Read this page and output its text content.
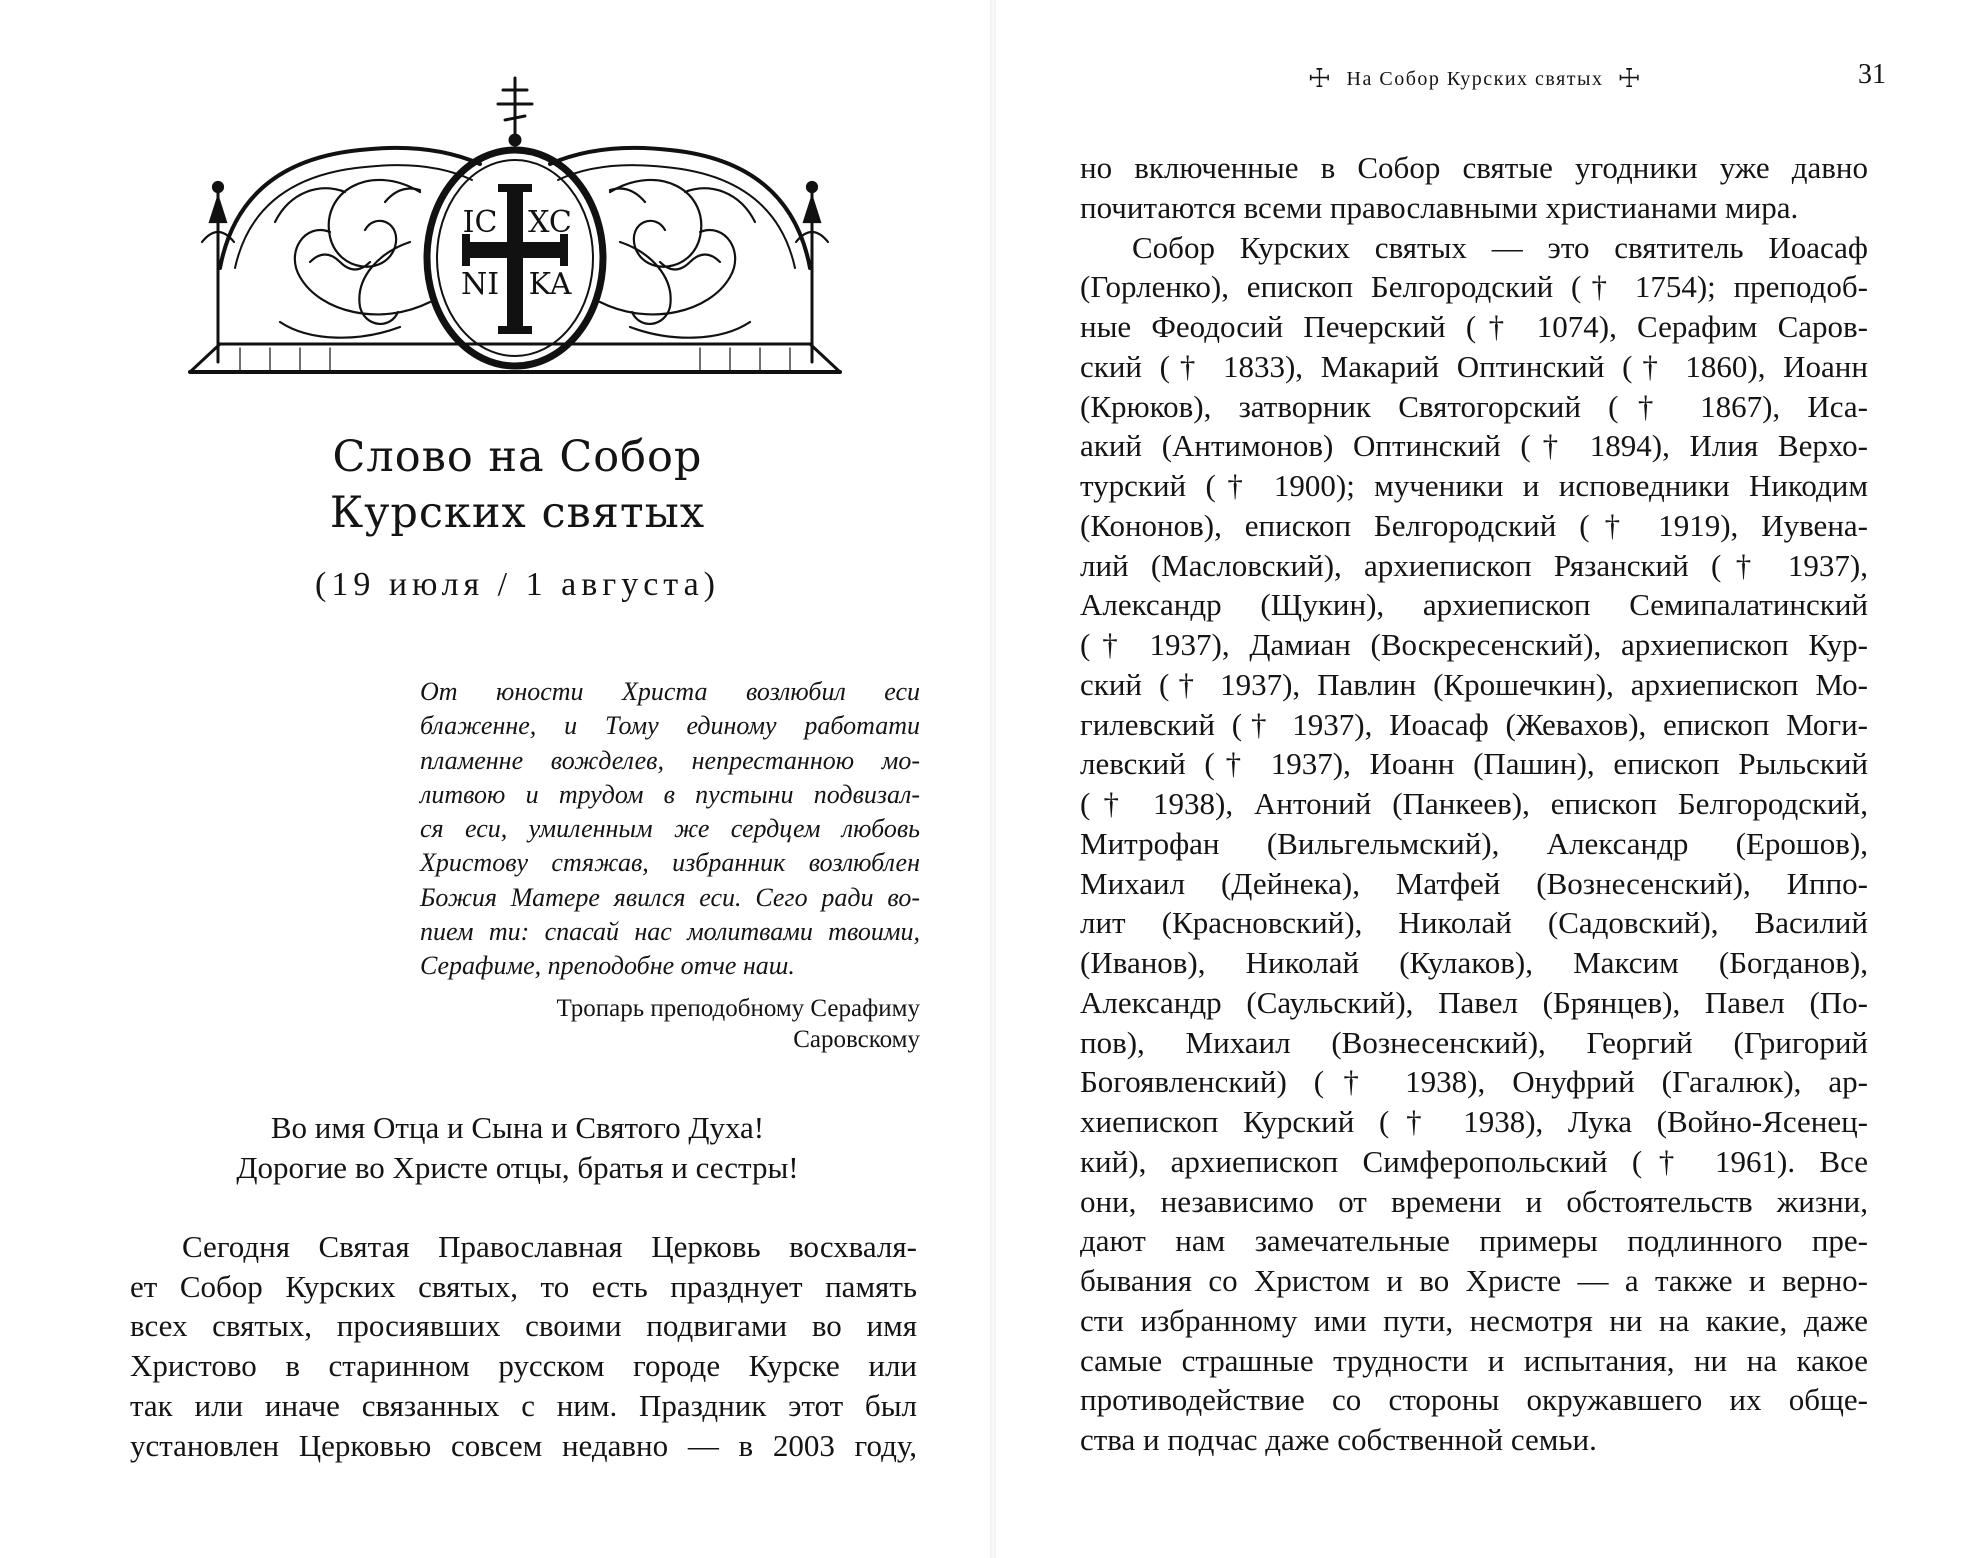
IC XC
NI KA
Слово на Собор
Курских святых
(19 июля / 1 августа)
От юности Христа возлюбил еси
блаженне, и Тому единому работати
пламенне вожделев, непрестанною мо-
литвою и трудом в пустыни подвизал-
ся еси, умиленным же сердцем любовь
Христову стяжав, избранник возлюблен
Божия Матере явился еси. Сего ради во-
пием ти: спасай нас молитвами твоими,
Серафиме, преподобне отче наш.
Тропарь преподобному Серафиму
Саровскому
Во имя Отца и Сына и Святого Духа!
Дорогие во Христе отцы, братья и сестры!
Сегодня Святая Православная Церковь восхваля-
ет Собор Курских святых, то есть празднует память
всех святых, просиявших своими подвигами во имя
Христово в старинном русском городе Курске или
так или иначе связанных с ним. Праздник этот был
установлен Церковью совсем недавно — в 2003 году,
☩ На Собор Курских святых ☩	31
но включенные в Собор святые угодники уже давно
почитаются всеми православными христианами мира.
Собор Курских святых — это святитель Иоасаф
(Горленко), епископ Белгородский († 1754); преподоб-
ные Феодосий Печерский († 1074), Серафим Саров-
ский († 1833), Макарий Оптинский († 1860), Иоанн
(Крюков), затворник Святогорский († 1867), Иса-
акий (Антимонов) Оптинский († 1894), Илия Верхо-
турский († 1900); мученики и исповедники Никодим
(Кононов), епископ Белгородский († 1919), Иувена-
лий (Масловский), архиепископ Рязанский († 1937),
Александр (Щукин), архиепископ Семипалатинский
(† 1937), Дамиан (Воскресенский), архиепископ Кур-
ский († 1937), Павлин (Крошечкин), архиепископ Мо-
гилевский († 1937), Иоасаф (Жевахов), епископ Моги-
левский († 1937), Иоанн (Пашин), епископ Рыльский
(† 1938), Антоний (Панкеев), епископ Белгородский,
Митрофан (Вильгельмский), Александр (Ерошов),
Михаил (Дейнека), Матфей (Вознесенский), Иппо-
лит (Красновский), Николай (Садовский), Василий
(Иванов), Николай (Кулаков), Максим (Богданов),
Александр (Саульский), Павел (Брянцев), Павел (По-
пов), Михаил (Вознесенский), Георгий (Григорий
Богоявленский) († 1938), Онуфрий (Гагалюк), ар-
хиепископ Курский († 1938), Лука (Войно-Ясенец-
кий), архиепископ Симферопольский († 1961). Все
они, независимо от времени и обстоятельств жизни,
дают нам замечательные примеры подлинного пре-
бывания со Христом и во Христе — а также и верно-
сти избранному ими пути, несмотря ни на какие, даже
самые страшные трудности и испытания, ни на какое
противодействие со стороны окружавшего их обще-
ства и подчас даже собственной семьи.
